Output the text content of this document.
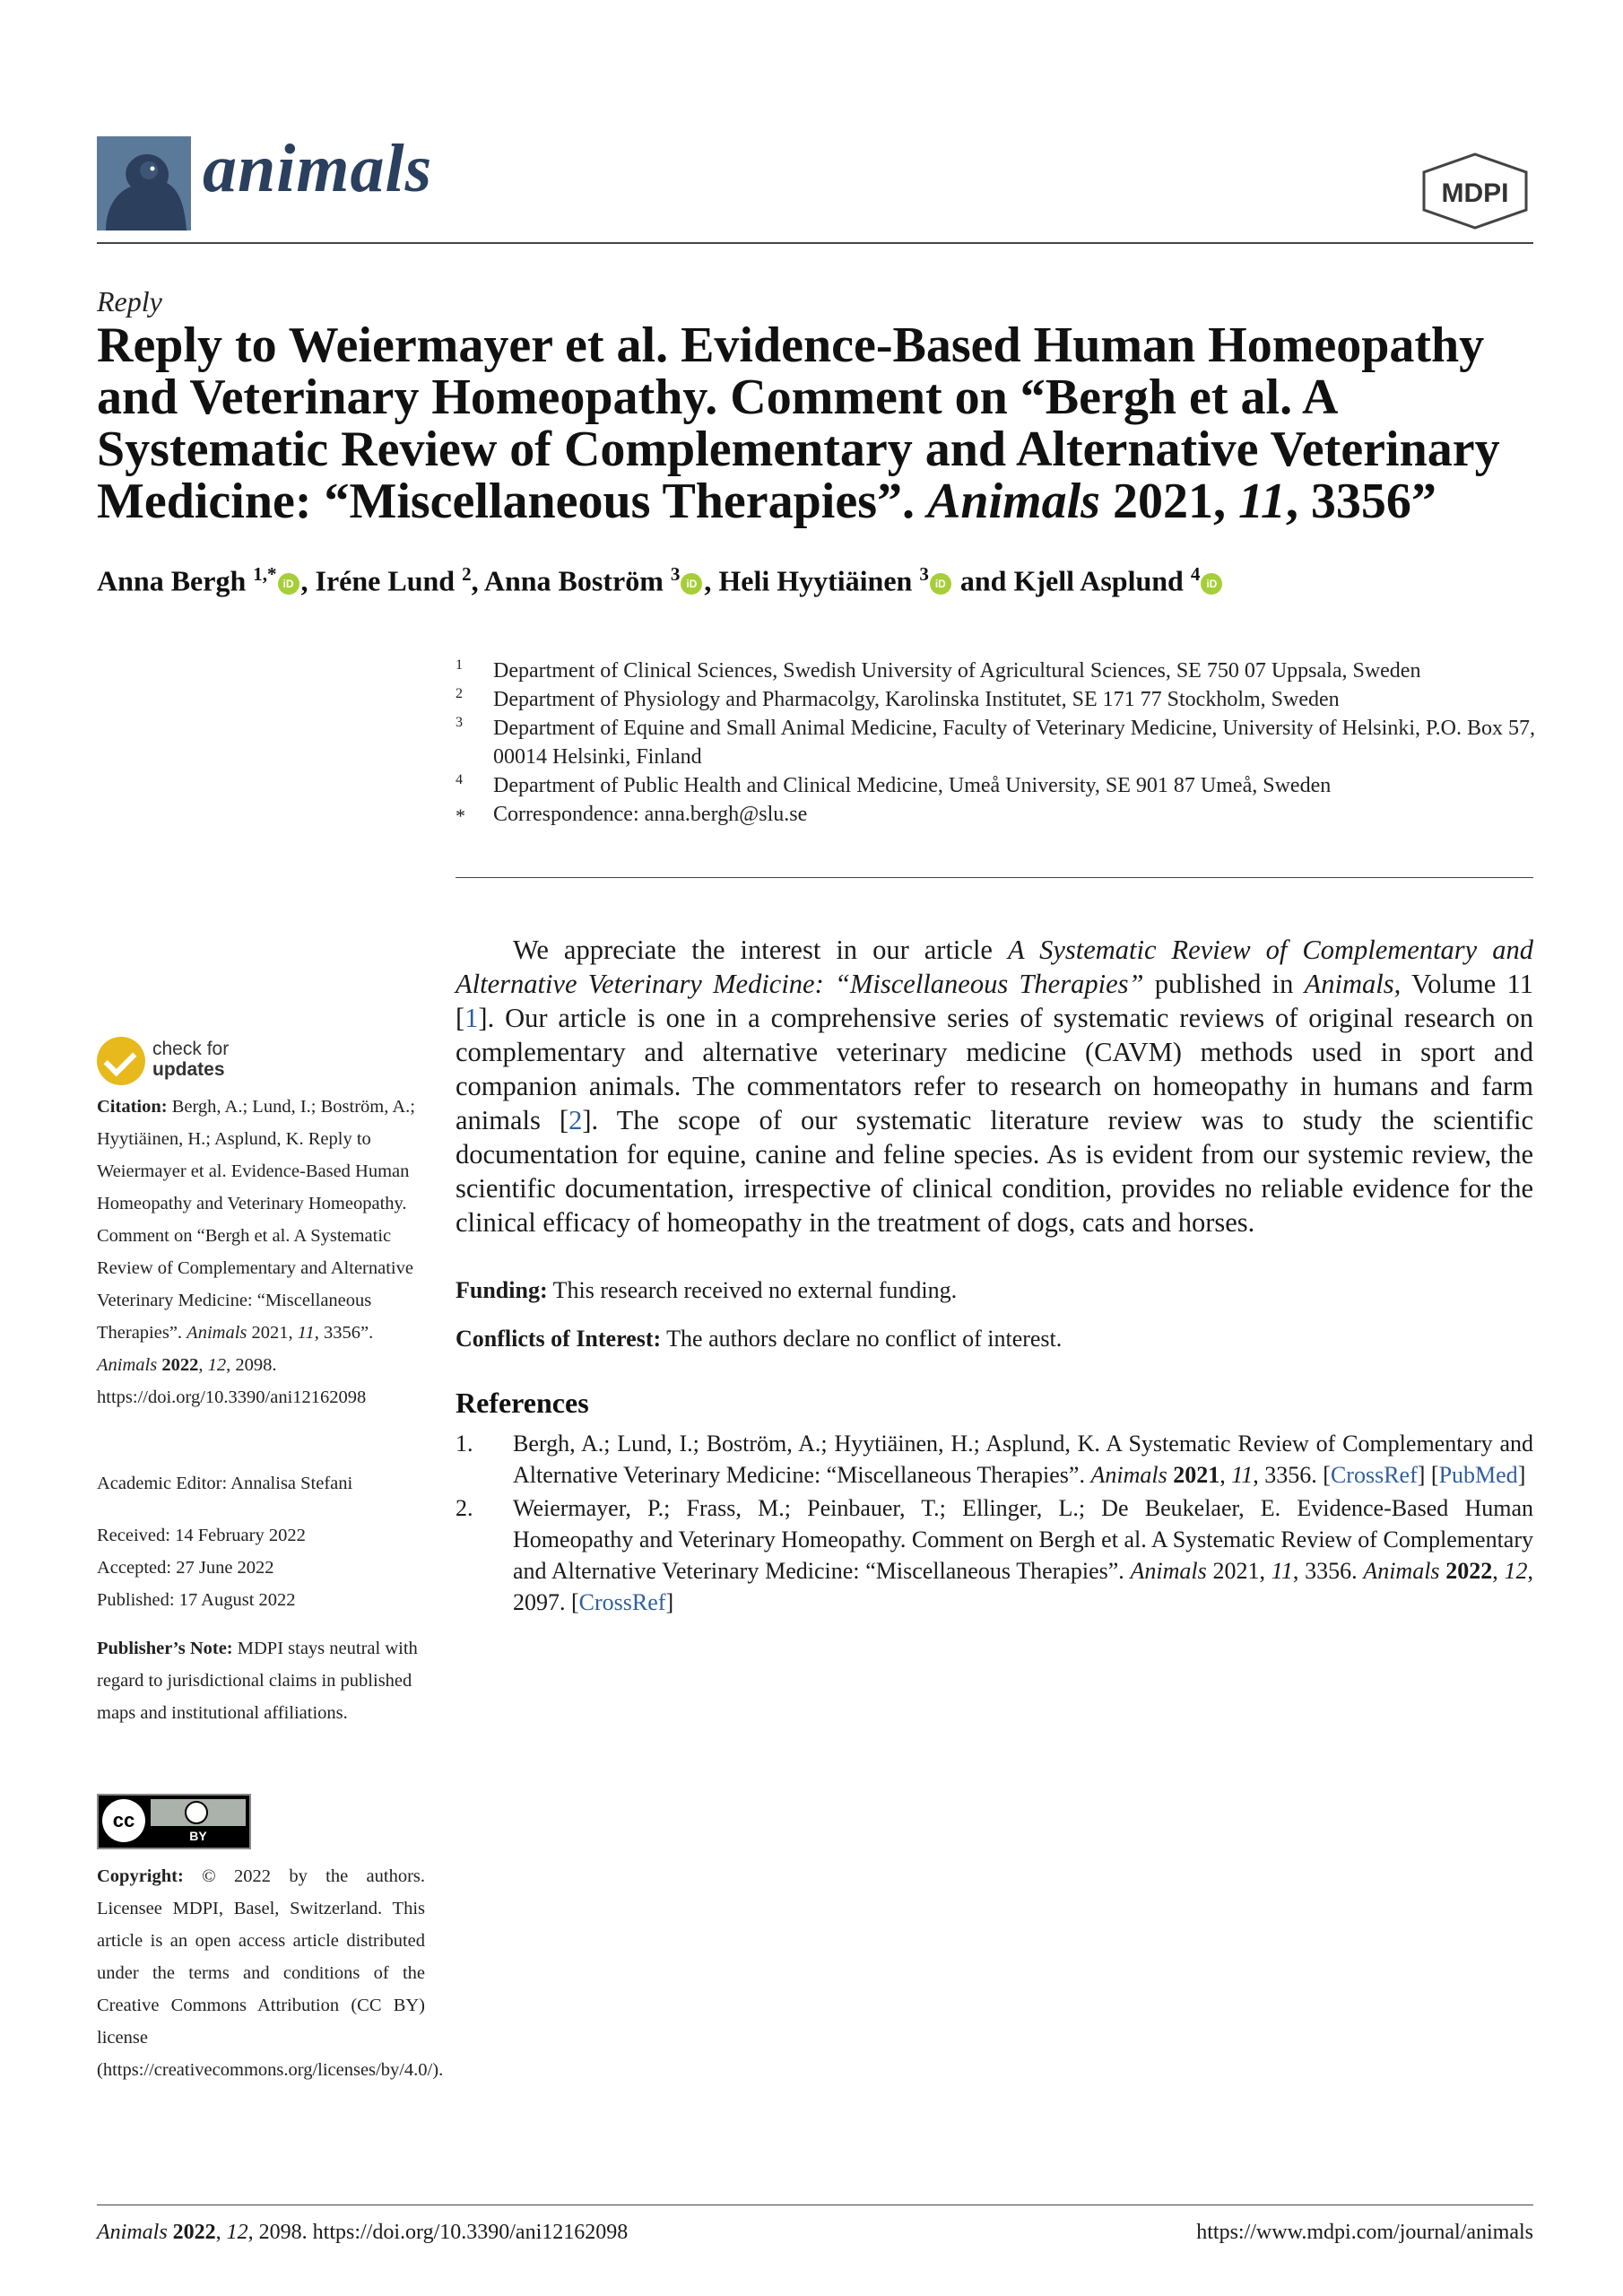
animals	MDPI
Reply
Reply to Weiermayer et al. Evidence-Based Human Homeopathy and Veterinary Homeopathy. Comment on “Bergh et al. A Systematic Review of Complementary and Alternative Veterinary Medicine: “Miscellaneous Therapies”. Animals 2021, 11, 3356”
Anna Bergh $^{1,*}$ iD , Iréne Lund $^2$, Anna Boström $^3$ iD , Heli Hyytiäinen $^3$ iD and Kjell Asplund $^4$ iD
1 Department of Clinical Sciences, Swedish University of Agricultural Sciences, SE 750 07 Uppsala, Sweden
2 Department of Physiology and Pharmacolgy, Karolinska Institutet, SE 171 77 Stockholm, Sweden
3 Department of Equine and Small Animal Medicine, Faculty of Veterinary Medicine, University of Helsinki, P.O. Box 57, 00014 Helsinki, Finland
4 Department of Public Health and Clinical Medicine, Umeå University, SE 901 87 Umeå, Sweden
* Correspondence: anna.bergh@slu.se
check for
updates
Citation: Bergh, A.; Lund, I.; Boström, A.; Hyytiäinen, H.; Asplund, K. Reply to Weiermayer et al. Evidence-Based Human Homeopathy and Veterinary Homeopathy. Comment on “Bergh et al. A Systematic Review of Complementary and Alternative Veterinary Medicine: “Miscellaneous Therapies”. Animals 2021, 11, 3356”. Animals 2022, 12, 2098. https://doi.org/10.3390/ani12162098
Academic Editor: Annalisa Stefani
Received: 14 February 2022
Accepted: 27 June 2022
Published: 17 August 2022
Publisher’s Note: MDPI stays neutral with regard to jurisdictional claims in published maps and institutional affiliations.
cc
BY
Copyright: © 2022 by the authors. Licensee MDPI, Basel, Switzerland. This article is an open access article distributed under the terms and conditions of the Creative Commons Attribution (CC BY) license (https://creativecommons.org/licenses/by/4.0/).

We appreciate the interest in our article A Systematic Review of Complementary and Alternative Veterinary Medicine: “Miscellaneous Therapies” published in Animals, Volume 11 [1]. Our article is one in a comprehensive series of systematic reviews of original research on complementary and alternative veterinary medicine (CAVM) methods used in sport and companion animals. The commentators refer to research on homeopathy in humans and farm animals [2]. The scope of our systematic literature review was to study the scientific documentation for equine, canine and feline species. As is evident from our systemic review, the scientific documentation, irrespective of clinical condition, provides no reliable evidence for the clinical efficacy of homeopathy in the treatment of dogs, cats and horses.

Funding: This research received no external funding.
Conflicts of Interest: The authors declare no conflict of interest.
References
1. Bergh, A.; Lund, I.; Boström, A.; Hyytiäinen, H.; Asplund, K. A Systematic Review of Complementary and Alternative Veterinary Medicine: “Miscellaneous Therapies”. Animals 2021, 11, 3356. [CrossRef] [PubMed]
2. Weiermayer, P.; Frass, M.; Peinbauer, T.; Ellinger, L.; De Beukelaer, E. Evidence-Based Human Homeopathy and Veterinary Homeopathy. Comment on Bergh et al. A Systematic Review of Complementary and Alternative Veterinary Medicine: “Miscellaneous Therapies”. Animals 2021, 11, 3356. Animals 2022, 12, 2097. [CrossRef]
Animals 2022, 12, 2098. https://doi.org/10.3390/ani12162098	https://www.mdpi.com/journal/animals
